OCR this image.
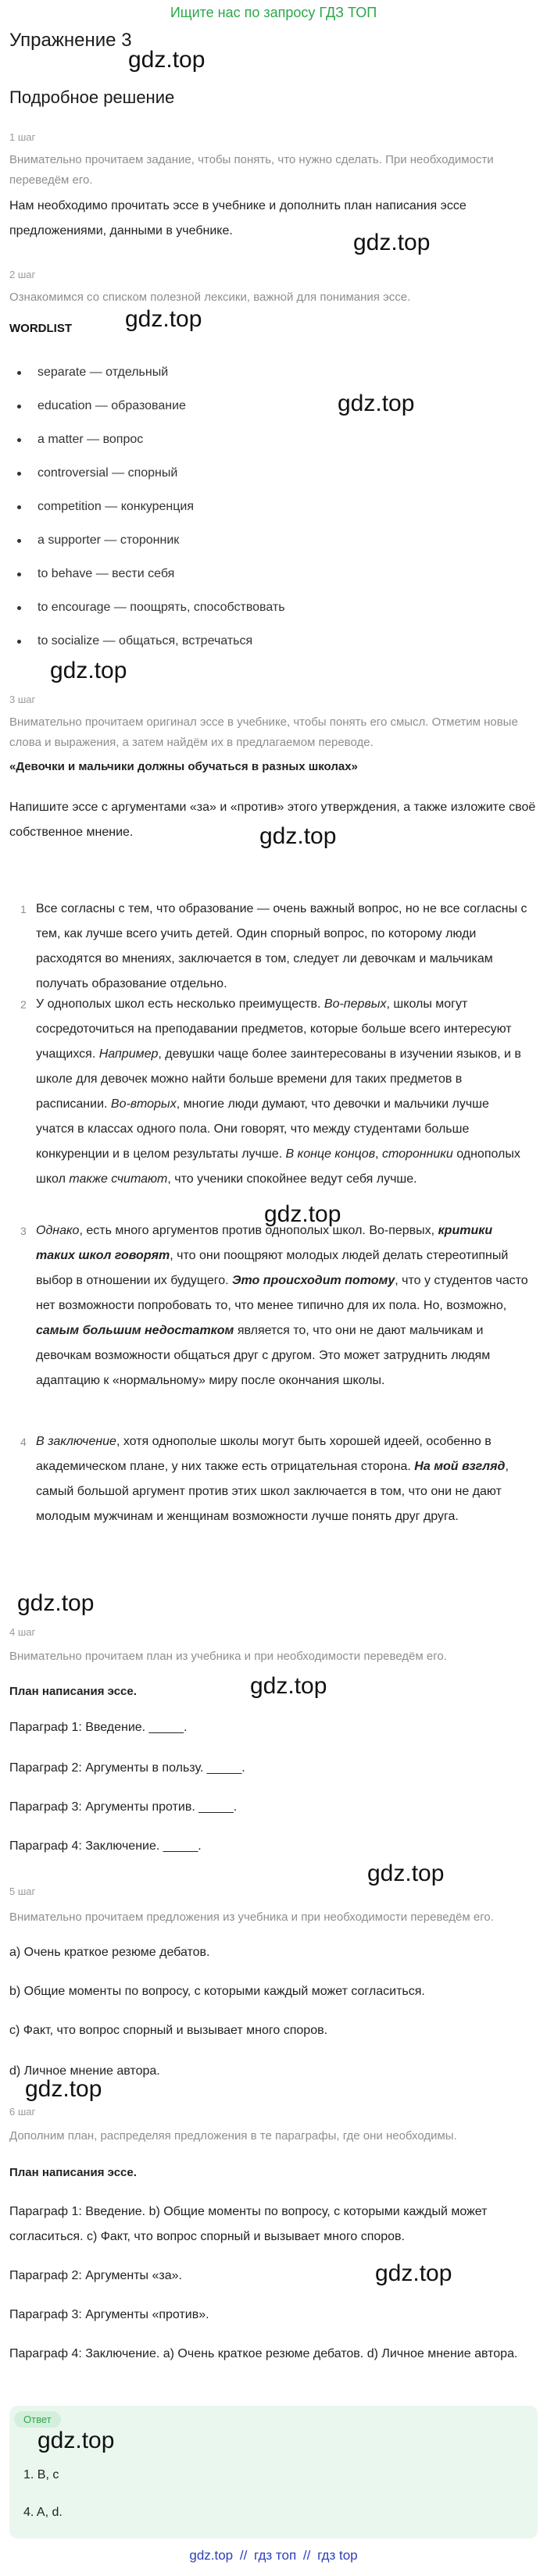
Ищите нас по запросу ГДЗ ТОП
Упражнение 3
gdz.top
Подробное решение
1 шаг
Внимательно прочитаем задание, чтобы понять, что нужно сделать. При необходимости переведём его.
Нам необходимо прочитать эссе в учебнике и дополнить план написания эссе предложениями, данными в учебнике.	gdz.top
2 шаг
Ознакомимся со списком полезной лексики, важной для понимания эссе.
WORDLIST gdz.top
gdz.top
separate — отдельный
education — образование
a matter — вопрос
controversial — спорный
competition — конкуренция
a supporter — сторонник
to behave — вести себя
to encourage — поощрять, способствовать
to socialize — общаться, встречаться
gdz.top
3 шаг
Внимательно прочитаем оригинал эссе в учебнике, чтобы понять его смысл. Отметим новые слова и выражения, а затем найдём их в предлагаемом переводе.
«Девочки и мальчики должны обучаться в разных школах»
Напишите эссе с аргументами «за» и «против» этого утверждения, а также изложите своё собственное мнение.	gdz.top
1 Все согласны с тем, что образование — очень важный вопрос, но не все согласны с тем, как лучше всего учить детей. Один спорный вопрос, по которому люди расходятся во мнениях, заключается в том, следует ли девочкам и мальчикам получать образование отдельно.
2 У однополых школ есть несколько преимуществ. Во-первых, школы могут сосредоточиться на преподавании предметов, которые больше всего интересуют учащихся. Например, девушки чаще более заинтересованы в изучении языков, и в школе для девочек можно найти больше времени для таких предметов в расписании. Во-вторых, многие люди думают, что девочки и мальчики лучше учатся в классах одного пола. Они говорят, что между студентами больше конкуренции и в целом результаты лучше. В конце концов, сторонники однополых школ также считают, что ученики спокойнее ведут себя лучше.
3 Однако, есть много аргументов против однополых школ. Во-первых, критики таких школ говорят, что они поощряют молодых людей делать стереотипный выбор в отношении их будущего. Это происходит потому, что у студентов часто нет возможности попробовать то, что менее типично для их пола. Но, возможно, самым большим недостатком является то, что они не дают мальчикам и девочкам возможности общаться друг с другом. Это может затруднить людям адаптацию к «нормальному» миру после окончания школы.
4 В заключение, хотя однополые школы могут быть хорошей идеей, особенно в академическом плане, у них также есть отрицательная сторона. На мой взгляд, самый большой аргумент против этих школ заключается в том, что они не дают молодым мужчинам и женщинам возможности лучше понять друг друга.
gdz.top
gdz.top
4 шаг
Внимательно прочитаем план из учебника и при необходимости переведём его.
План написания эссе.	gdz.top
Параграф 1: Введение. _____.
Параграф 2: Аргументы в пользу. _____.
Параграф 3: Аргументы против. _____.
Параграф 4: Заключение. _____.
gdz.top
5 шаг
Внимательно прочитаем предложения из учебника и при необходимости переведём его.
a) Очень краткое резюме дебатов.
b) Общие моменты по вопросу, с которыми каждый может согласиться.
c) Факт, что вопрос спорный и вызывает много споров.
d) Личное мнение автора.
gdz.top
6 шаг
Дополним план, распределяя предложения в те параграфы, где они необходимы.
План написания эссе.
Параграф 1: Введение. b) Общие моменты по вопросу, с которыми каждый может согласиться. c) Факт, что вопрос спорный и вызывает много споров.
Параграф 2: Аргументы «за».	gdz.top
Параграф 3: Аргументы «против».
Параграф 4: Заключение. a) Очень краткое резюме дебатов. d) Личное мнение автора.
Ответ
gdz.top
1. B, c
4. A, d.
gdz.top // гдз топ // гдз top
